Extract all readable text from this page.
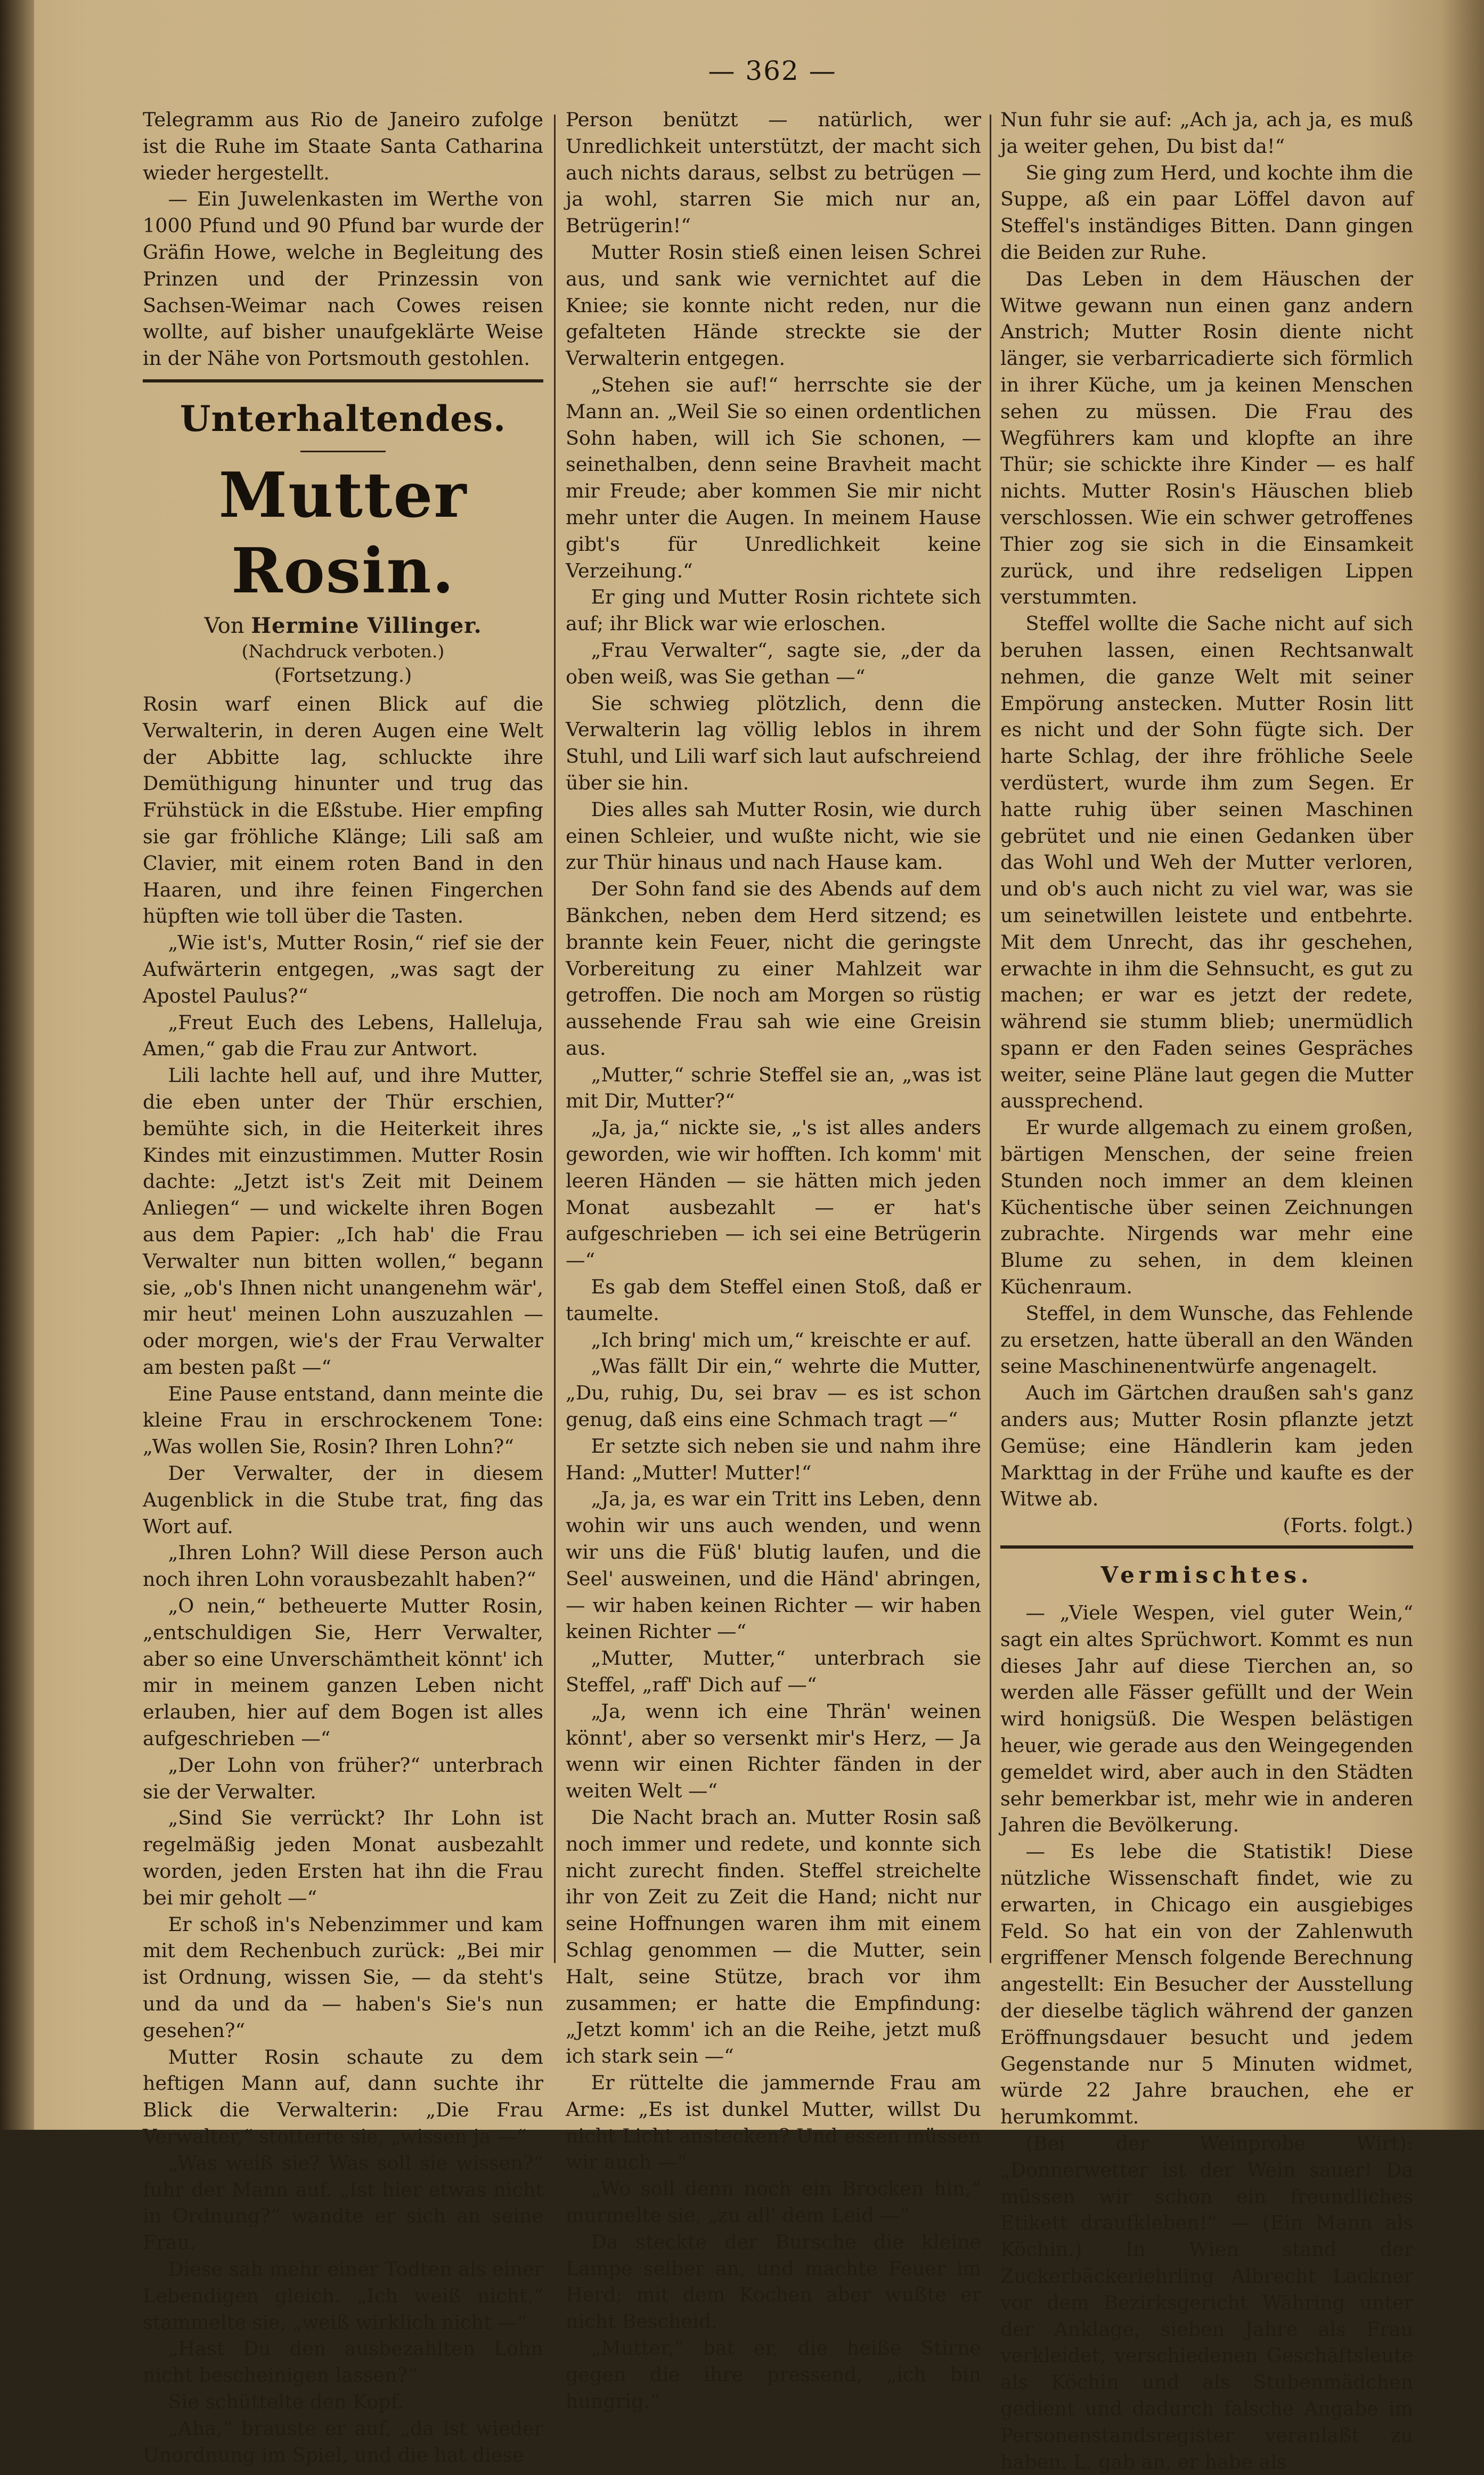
— 362 —

Telegramm aus Rio de Janeiro zufolge ist die Ruhe im Staate Santa Catharina wieder hergestellt.

— Ein Juwelenkasten im Werthe von 1000 Pfund und 90 Pfund bar wurde der Gräfin Howe, welche in Begleitung des Prinzen und der Prinzessin von Sachsen-Weimar nach Cowes reisen wollte, auf bisher unaufgeklärte Weise in der Nähe von Portsmouth gestohlen.

Unterhaltendes.
Mutter Rosin.
Von Hermine Villinger.
(Nachdruck verboten.)
(Fortsetzung.)

Rosin warf einen Blick auf die Verwalterin, in deren Augen eine Welt der Abbitte lag, schluckte ihre Demüthigung hinunter und trug das Frühstück in die Eßstube. Hier empfing sie gar fröhliche Klänge; Lili saß am Clavier, mit einem roten Band in den Haaren, und ihre feinen Fingerchen hüpften wie toll über die Tasten.

„Wie ist's, Mutter Rosin,“ rief sie der Aufwärterin entgegen, „was sagt der Apostel Paulus?“

„Freut Euch des Lebens, Halleluja, Amen,“ gab die Frau zur Antwort.

Lili lachte hell auf, und ihre Mutter, die eben unter der Thür erschien, bemühte sich, in die Heiterkeit ihres Kindes mit einzustimmen. Mutter Rosin dachte: „Jetzt ist's Zeit mit Deinem Anliegen“ — und wickelte ihren Bogen aus dem Papier: „Ich hab' die Frau Verwalter nun bitten wollen,“ begann sie, „ob's Ihnen nicht unangenehm wär', mir heut' meinen Lohn auszuzahlen — oder morgen, wie's der Frau Verwalter am besten paßt —“

Eine Pause entstand, dann meinte die kleine Frau in erschrockenem Tone: „Was wollen Sie, Rosin? Ihren Lohn?“

Der Verwalter, der in diesem Augenblick in die Stube trat, fing das Wort auf.

„Ihren Lohn? Will diese Person auch noch ihren Lohn vorausbezahlt haben?“

„O nein,“ betheuerte Mutter Rosin, „entschuldigen Sie, Herr Verwalter, aber so eine Unverschämtheit könnt' ich mir in meinem ganzen Leben nicht erlauben, hier auf dem Bogen ist alles aufgeschrieben —“

„Der Lohn von früher?“ unterbrach sie der Verwalter.

„Sind Sie verrückt? Ihr Lohn ist regelmäßig jeden Monat ausbezahlt worden, jeden Ersten hat ihn die Frau bei mir geholt —“

Er schoß in's Nebenzimmer und kam mit dem Rechenbuch zurück: „Bei mir ist Ordnung, wissen Sie, — da steht's und da und da — haben's Sie's nun gesehen?“

Mutter Rosin schaute zu dem heftigen Mann auf, dann suchte ihr Blick die Verwalterin: „Die Frau Verwalter,“ stotterte sie, „wissen ja —“

„Was weiß sie? Was soll sie wissen?“ fuhr der Mann auf. „Ist hier etwas nicht in Ordnung?“ wandte er sich an seine Frau.

Diese sah mehr einer Todten als einer Lebendigen gleich. „Ich weiß nicht,“ stammelte sie, „weiß wirklich nicht —“

„Hast Du den ausbezahlten Lohn nicht bescheinigen lassen?“

Sie schüttelte den Kopf.

„Aha,“ brauste er auf, „da ist wieder Unordnung im Spiel, und die hat diese

Person benützt — natürlich, wer Unredlichkeit unterstützt, der macht sich auch nichts daraus, selbst zu betrügen — ja wohl, starren Sie mich nur an, Betrügerin!“

Mutter Rosin stieß einen leisen Schrei aus, und sank wie vernichtet auf die Kniee; sie konnte nicht reden, nur die gefalteten Hände streckte sie der Verwalterin entgegen.

„Stehen sie auf!“ herrschte sie der Mann an. „Weil Sie so einen ordentlichen Sohn haben, will ich Sie schonen, — seinethalben, denn seine Bravheit macht mir Freude; aber kommen Sie mir nicht mehr unter die Augen. In meinem Hause gibt's für Unredlichkeit keine Verzeihung.“

Er ging und Mutter Rosin richtete sich auf; ihr Blick war wie erloschen.

„Frau Verwalter“, sagte sie, „der da oben weiß, was Sie gethan —“

Sie schwieg plötzlich, denn die Verwalterin lag völlig leblos in ihrem Stuhl, und Lili warf sich laut aufschreiend über sie hin.

Dies alles sah Mutter Rosin, wie durch einen Schleier, und wußte nicht, wie sie zur Thür hinaus und nach Hause kam.

Der Sohn fand sie des Abends auf dem Bänkchen, neben dem Herd sitzend; es brannte kein Feuer, nicht die geringste Vorbereitung zu einer Mahlzeit war getroffen. Die noch am Morgen so rüstig aussehende Frau sah wie eine Greisin aus.

„Mutter,“ schrie Steffel sie an, „was ist mit Dir, Mutter?“

„Ja, ja,“ nickte sie, „'s ist alles anders geworden, wie wir hofften. Ich komm' mit leeren Händen — sie hätten mich jeden Monat ausbezahlt — er hat's aufgeschrieben — ich sei eine Betrügerin —“

Es gab dem Steffel einen Stoß, daß er taumelte.

„Ich bring' mich um,“ kreischte er auf.

„Was fällt Dir ein,“ wehrte die Mutter, „Du, ruhig, Du, sei brav — es ist schon genug, daß eins eine Schmach tragt —“

Er setzte sich neben sie und nahm ihre Hand: „Mutter! Mutter!“

„Ja, ja, es war ein Tritt ins Leben, denn wohin wir uns auch wenden, und wenn wir uns die Füß' blutig laufen, und die Seel' ausweinen, und die Händ' abringen, — wir haben keinen Richter — wir haben keinen Richter —“

„Mutter, Mutter,“ unterbrach sie Steffel, „raff' Dich auf —“

„Ja, wenn ich eine Thrän' weinen könnt', aber so versenkt mir's Herz, — Ja wenn wir einen Richter fänden in der weiten Welt —“

Die Nacht brach an. Mutter Rosin saß noch immer und redete, und konnte sich nicht zurecht finden. Steffel streichelte ihr von Zeit zu Zeit die Hand; nicht nur seine Hoffnungen waren ihm mit einem Schlag genommen — die Mutter, sein Halt, seine Stütze, brach vor ihm zusammen; er hatte die Empfindung: „Jetzt komm' ich an die Reihe, jetzt muß ich stark sein —“

Er rüttelte die jammernde Frau am Arme: „Es ist dunkel Mutter, willst Du nicht Licht anstecken? Und essen müssen wir auch —“

„Wo soll denn noch ein Brocken hin,“ murmelte sie, „zu all' dem Leid —“

Da steckte der Bursche die kleine Lampe selber an, und machte Feuer im Herd; mit dem Kochen aber wußte er nicht Bescheid.

„Mutter,“ bat er, die heiße Stirne gegen die ihre pressend, „ich bin hungrig.“

Nun fuhr sie auf: „Ach ja, ach ja, es muß ja weiter gehen, Du bist da!“

Sie ging zum Herd, und kochte ihm die Suppe, aß ein paar Löffel davon auf Steffel's inständiges Bitten. Dann gingen die Beiden zur Ruhe.

Das Leben in dem Häuschen der Witwe gewann nun einen ganz andern Anstrich; Mutter Rosin diente nicht länger, sie verbarricadierte sich förmlich in ihrer Küche, um ja keinen Menschen sehen zu müssen. Die Frau des Wegführers kam und klopfte an ihre Thür; sie schickte ihre Kinder — es half nichts. Mutter Rosin's Häuschen blieb verschlossen. Wie ein schwer getroffenes Thier zog sie sich in die Einsamkeit zurück, und ihre redseligen Lippen verstummten.

Steffel wollte die Sache nicht auf sich beruhen lassen, einen Rechtsanwalt nehmen, die ganze Welt mit seiner Empörung anstecken. Mutter Rosin litt es nicht und der Sohn fügte sich. Der harte Schlag, der ihre fröhliche Seele verdüstert, wurde ihm zum Segen. Er hatte ruhig über seinen Maschinen gebrütet und nie einen Gedanken über das Wohl und Weh der Mutter verloren, und ob's auch nicht zu viel war, was sie um seinetwillen leistete und entbehrte. Mit dem Unrecht, das ihr geschehen, erwachte in ihm die Sehnsucht, es gut zu machen; er war es jetzt der redete, während sie stumm blieb; unermüdlich spann er den Faden seines Gespräches weiter, seine Pläne laut gegen die Mutter aussprechend.

Er wurde allgemach zu einem großen, bärtigen Menschen, der seine freien Stunden noch immer an dem kleinen Küchentische über seinen Zeichnungen zubrachte. Nirgends war mehr eine Blume zu sehen, in dem kleinen Küchenraum.

Steffel, in dem Wunsche, das Fehlende zu ersetzen, hatte überall an den Wänden seine Maschinenentwürfe angenagelt.

Auch im Gärtchen draußen sah's ganz anders aus; Mutter Rosin pflanzte jetzt Gemüse; eine Händlerin kam jeden Markttag in der Frühe und kaufte es der Witwe ab.

(Forts. folgt.)

Vermischtes.

— „Viele Wespen, viel guter Wein,“ sagt ein altes Sprüchwort. Kommt es nun dieses Jahr auf diese Tierchen an, so werden alle Fässer gefüllt und der Wein wird honigsüß. Die Wespen belästigen heuer, wie gerade aus den Weingegenden gemeldet wird, aber auch in den Städten sehr bemerkbar ist, mehr wie in anderen Jahren die Bevölkerung.

— Es lebe die Statistik! Diese nützliche Wissenschaft findet, wie zu erwarten, in Chicago ein ausgiebiges Feld. So hat ein von der Zahlenwuth ergriffener Mensch folgende Berechnung angestellt: Ein Besucher der Ausstellung der dieselbe täglich während der ganzen Eröffnungsdauer besucht und jedem Gegenstande nur 5 Minuten widmet, würde 22 Jahre brauchen, ehe er herumkommt.

(Bei der Weinprobe Wirt): „Donnerwetter ist der Wein sauer! Da müssen wir schon ein freundliches Etikett draufkleben!“ — (Ein Mann als Köchin.) In Wien stand der Zuckerbäckerlehrling Albrecht Lackner vor dem Bezirksgericht Währing unter der Anklage, sieben Jahre als Frau verkleidet, verschiedenen Geschäftsleute als Köchin und als Stubenmädchen gedient und dadurch falsche Angabe im Personenstandsregister veranlaßt zu haben. L. gab an, er habe als
